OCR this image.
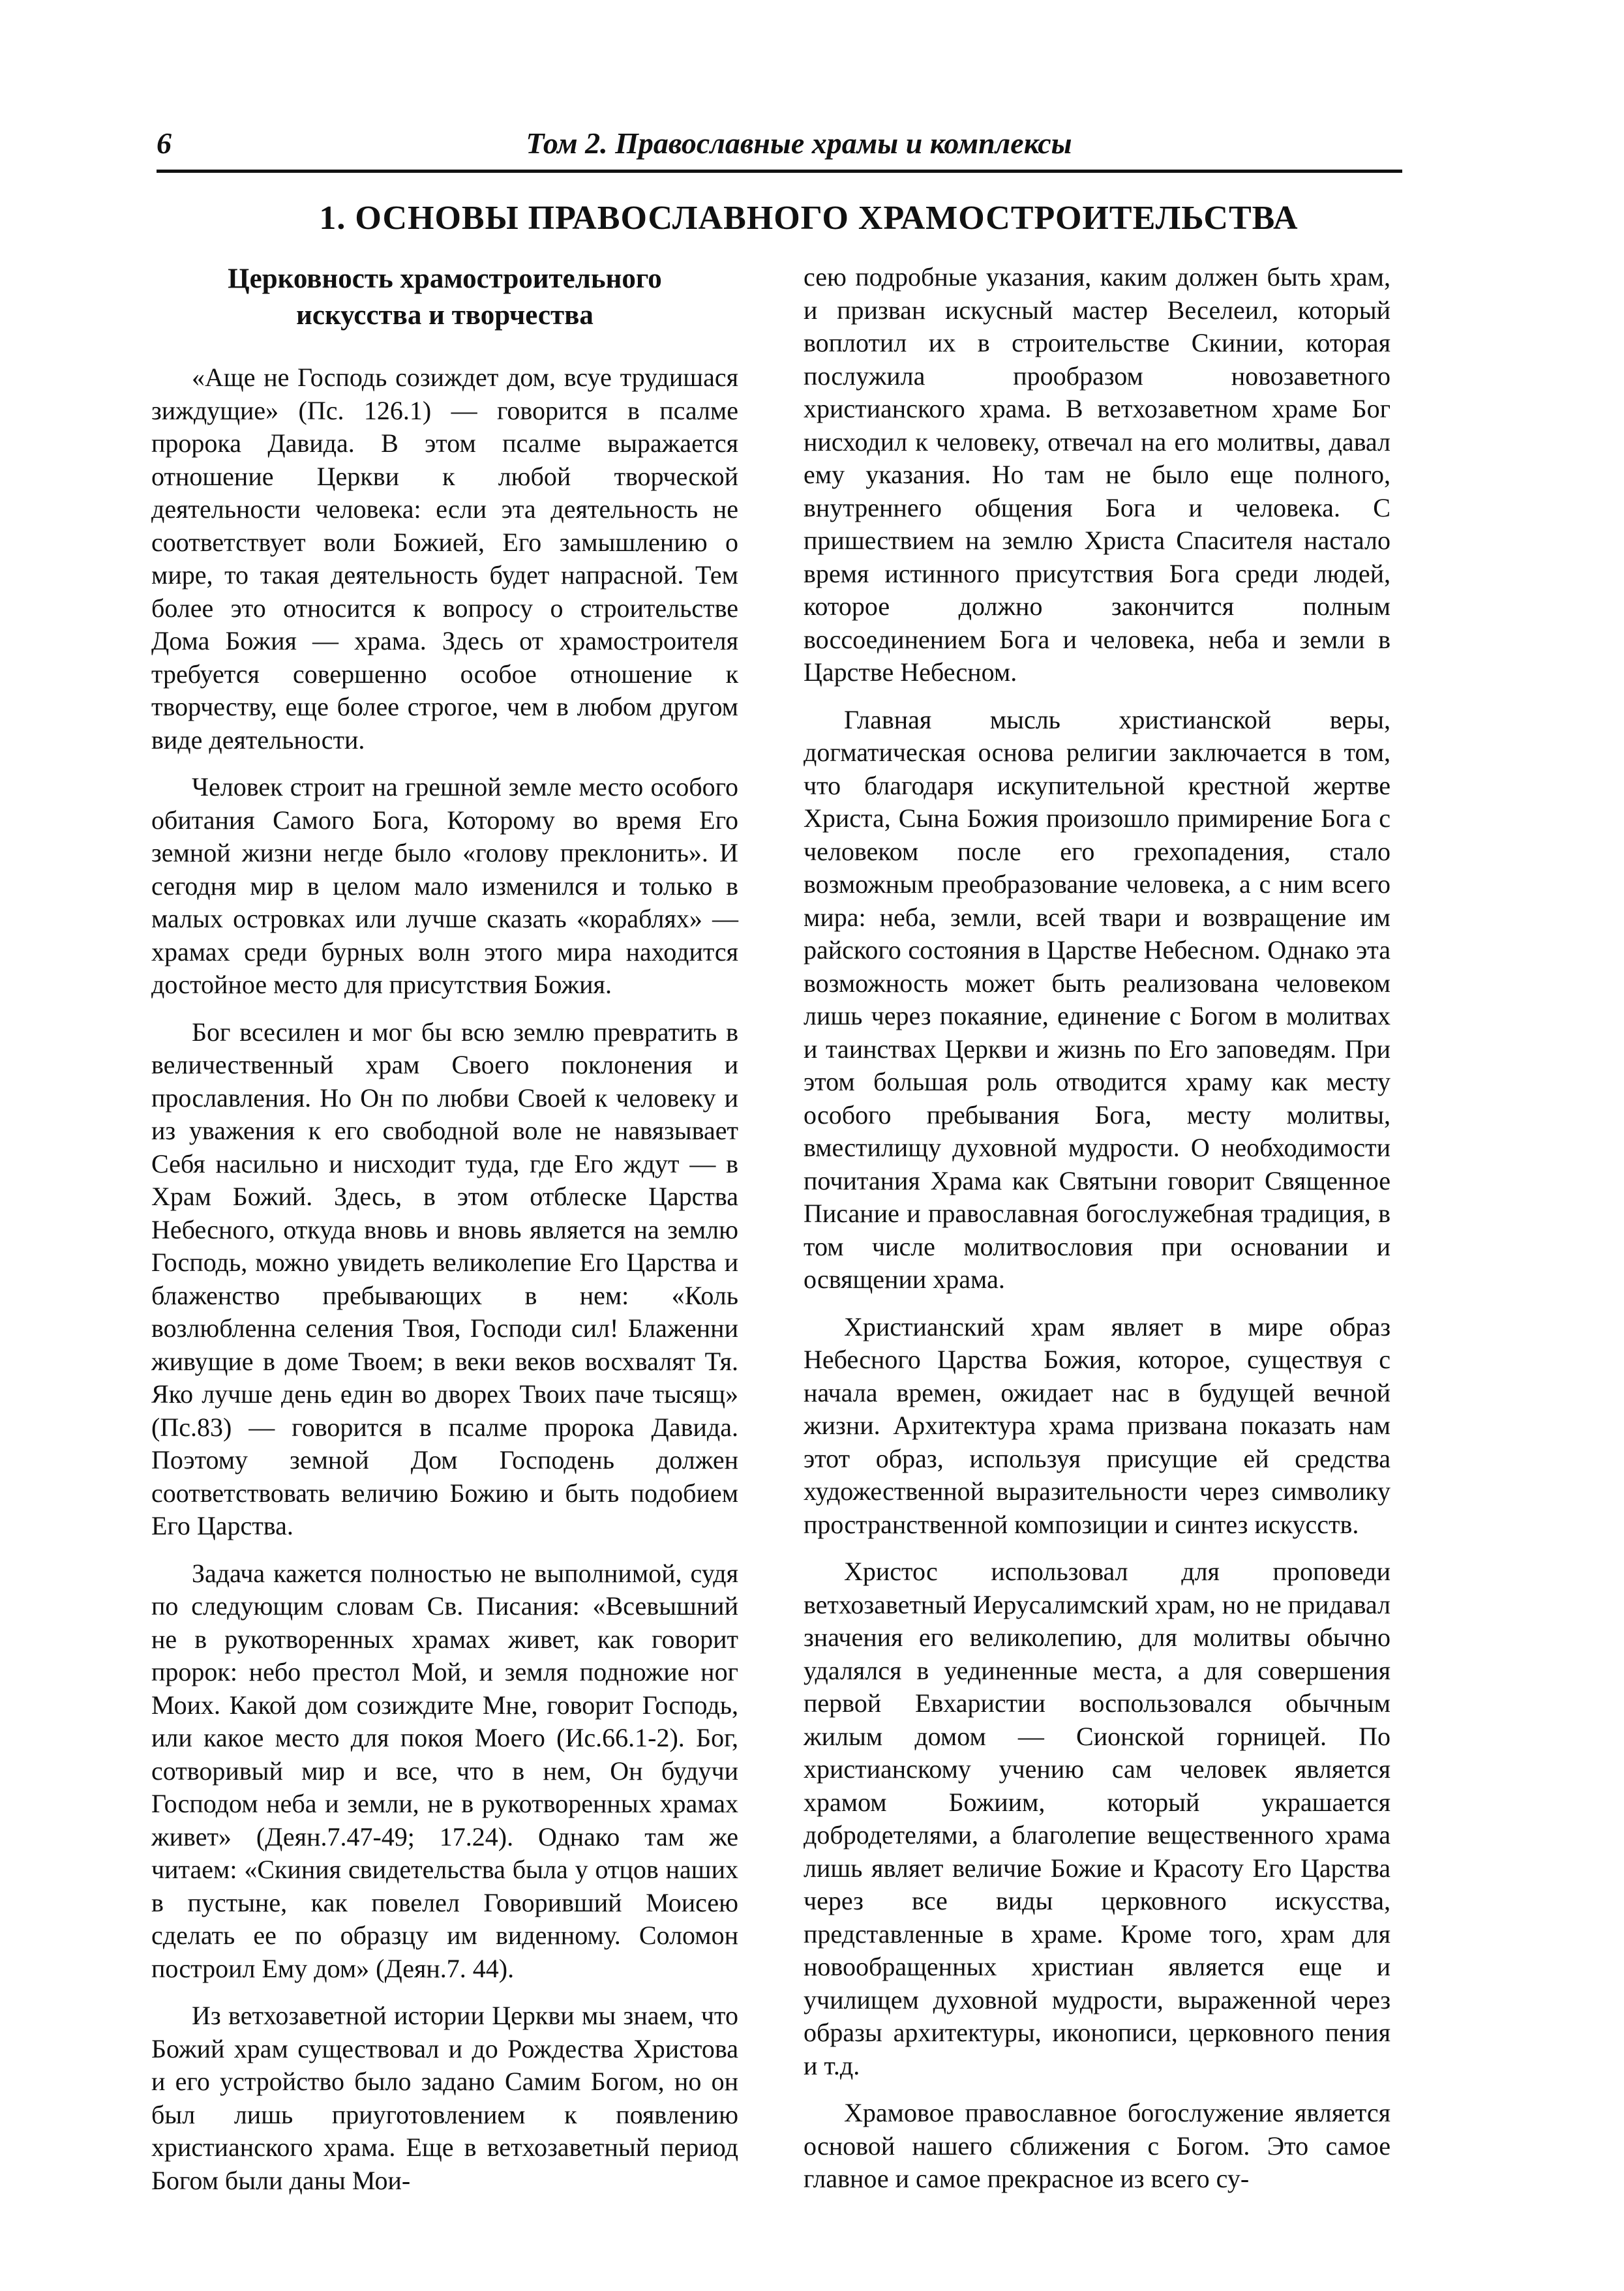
6	Том 2. Православные храмы и комплексы
1. ОСНОВЫ ПРАВОСЛАВНОГО ХРАМОСТРОИТЕЛЬСТВА
Церковность храмостроительного искусства и творчества

«Аще не Господь созиждет дом, всуе трудишася зиждущие» (Пс. 126.1) — говорится в псалме пророка Давида. В этом псалме выражается отношение Церкви к любой творческой деятельности человека: если эта деятельность не соответствует воли Божией, Его замышлению о мире, то такая деятельность будет напрасной. Тем более это относится к вопросу о строительстве Дома Божия — храма. Здесь от храмостроителя требуется совершенно особое отношение к творчеству, еще более строгое, чем в любом другом виде деятельности.

Человек строит на грешной земле место особого обитания Самого Бога, Которому во время Его земной жизни негде было «голову преклонить». И сегодня мир в целом мало изменился и только в малых островках или лучше сказать «кораблях» — храмах среди бурных волн этого мира находится достойное место для присутствия Божия.

Бог всесилен и мог бы всю землю превратить в величественный храм Своего поклонения и прославления. Но Он по любви Своей к человеку и из уважения к его свободной воле не навязывает Себя насильно и нисходит туда, где Его ждут — в Храм Божий. Здесь, в этом отблеске Царства Небесного, откуда вновь и вновь является на землю Господь, можно увидеть великолепие Его Царства и блаженство пребывающих в нем: «Коль возлюбленна селения Твоя, Господи сил! Блаженни живущие в доме Твоем; в веки веков восхвалят Тя. Яко лучше день един во дворех Твоих паче тысящ» (Пс.83) — говорится в псалме пророка Давида. Поэтому земной Дом Господень должен соответствовать величию Божию и быть подобием Его Царства.

Задача кажется полностью не выполнимой, судя по следующим словам Св. Писания: «Всевышний не в рукотворенных храмах живет, как говорит пророк: небо престол Мой, и земля подножие ног Моих. Какой дом созиждите Мне, говорит Господь, или какое место для покоя Моего (Ис.66.1-2). Бог, сотворивый мир и все, что в нем, Он будучи Господом неба и земли, не в рукотворенных храмах живет» (Деян.7.47-49; 17.24). Однако там же читаем: «Скиния свидетельства была у отцов наших в пустыне, как повелел Говоривший Моисею сделать ее по образцу им виденному. Соломон построил Ему дом» (Деян.7. 44).

Из ветхозаветной истории Церкви мы знаем, что Божий храм существовал и до Рождества Христова и его устройство было задано Самим Богом, но он был лишь приуготовлением к появлению христианского храма. Еще в ветхозаветный период Богом были даны Мои-

сею подробные указания, каким должен быть храм, и призван искусный мастер Веселеил, который воплотил их в строительстве Скинии, которая послужила прообразом новозаветного христианского храма. В ветхозаветном храме Бог нисходил к человеку, отвечал на его молитвы, давал ему указания. Но там не было еще полного, внутреннего общения Бога и человека. С пришествием на землю Христа Спасителя настало время истинного присутствия Бога среди людей, которое должно закончится полным воссоединением Бога и человека, неба и земли в Царстве Небесном.

Главная мысль христианской веры, догматическая основа религии заключается в том, что благодаря искупительной крестной жертве Христа, Сына Божия произошло примирение Бога с человеком после его грехопадения, стало возможным преобразование человека, а с ним всего мира: неба, земли, всей твари и возвращение им райского состояния в Царстве Небесном. Однако эта возможность может быть реализована человеком лишь через покаяние, единение с Богом в молитвах и таинствах Церкви и жизнь по Его заповедям. При этом большая роль отводится храму как месту особого пребывания Бога, месту молитвы, вместилищу духовной мудрости. О необходимости почитания Храма как Святыни говорит Священное Писание и православная богослужебная традиция, в том числе молитвословия при основании и освящении храма.

Христианский храм являет в мире образ Небесного Царства Божия, которое, существуя с начала времен, ожидает нас в будущей вечной жизни. Архитектура храма призвана показать нам этот образ, используя присущие ей средства художественной выразительности через символику пространственной композиции и синтез искусств.

Христос использовал для проповеди ветхозаветный Иерусалимский храм, но не придавал значения его великолепию, для молитвы обычно удалялся в уединенные места, а для совершения первой Евхаристии воспользовался обычным жилым домом — Сионской горницей. По христианскому учению сам человек является храмом Божиим, который украшается добродетелями, а благолепие вещественного храма лишь являет величие Божие и Красоту Его Царства через все виды церковного искусства, представленные в храме. Кроме того, храм для новообращенных христиан является еще и училищем духовной мудрости, выраженной через образы архитектуры, иконописи, церковного пения и т.д.

Храмовое православное богослужение является основой нашего сближения с Богом. Это самое главное и самое прекрасное из всего су-
